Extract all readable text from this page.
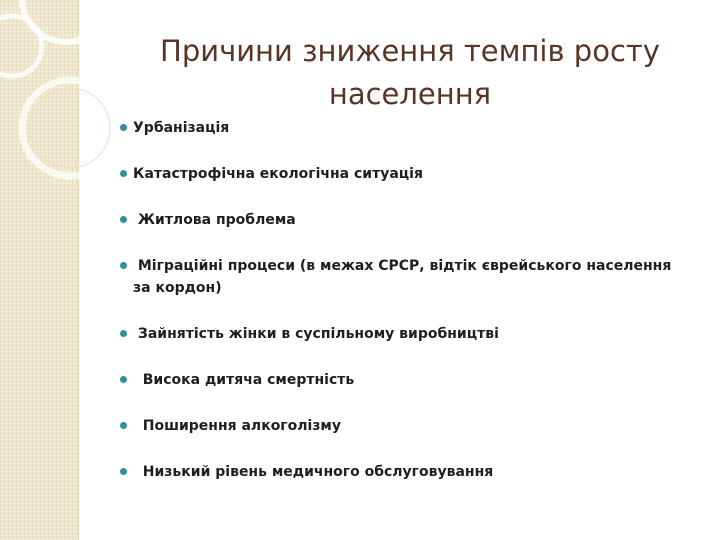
Причини зниження темпів росту населення
Урбанізація
Катастрофічна екологічна ситуація
Житлова проблема
Міграційні процеси (в межах СРСР, відтік єврейського населення за кордон)
Зайнятість жінки в суспільному виробництві
Висока дитяча смертність
Поширення алкоголізму
Низький рівень медичного обслуговування
